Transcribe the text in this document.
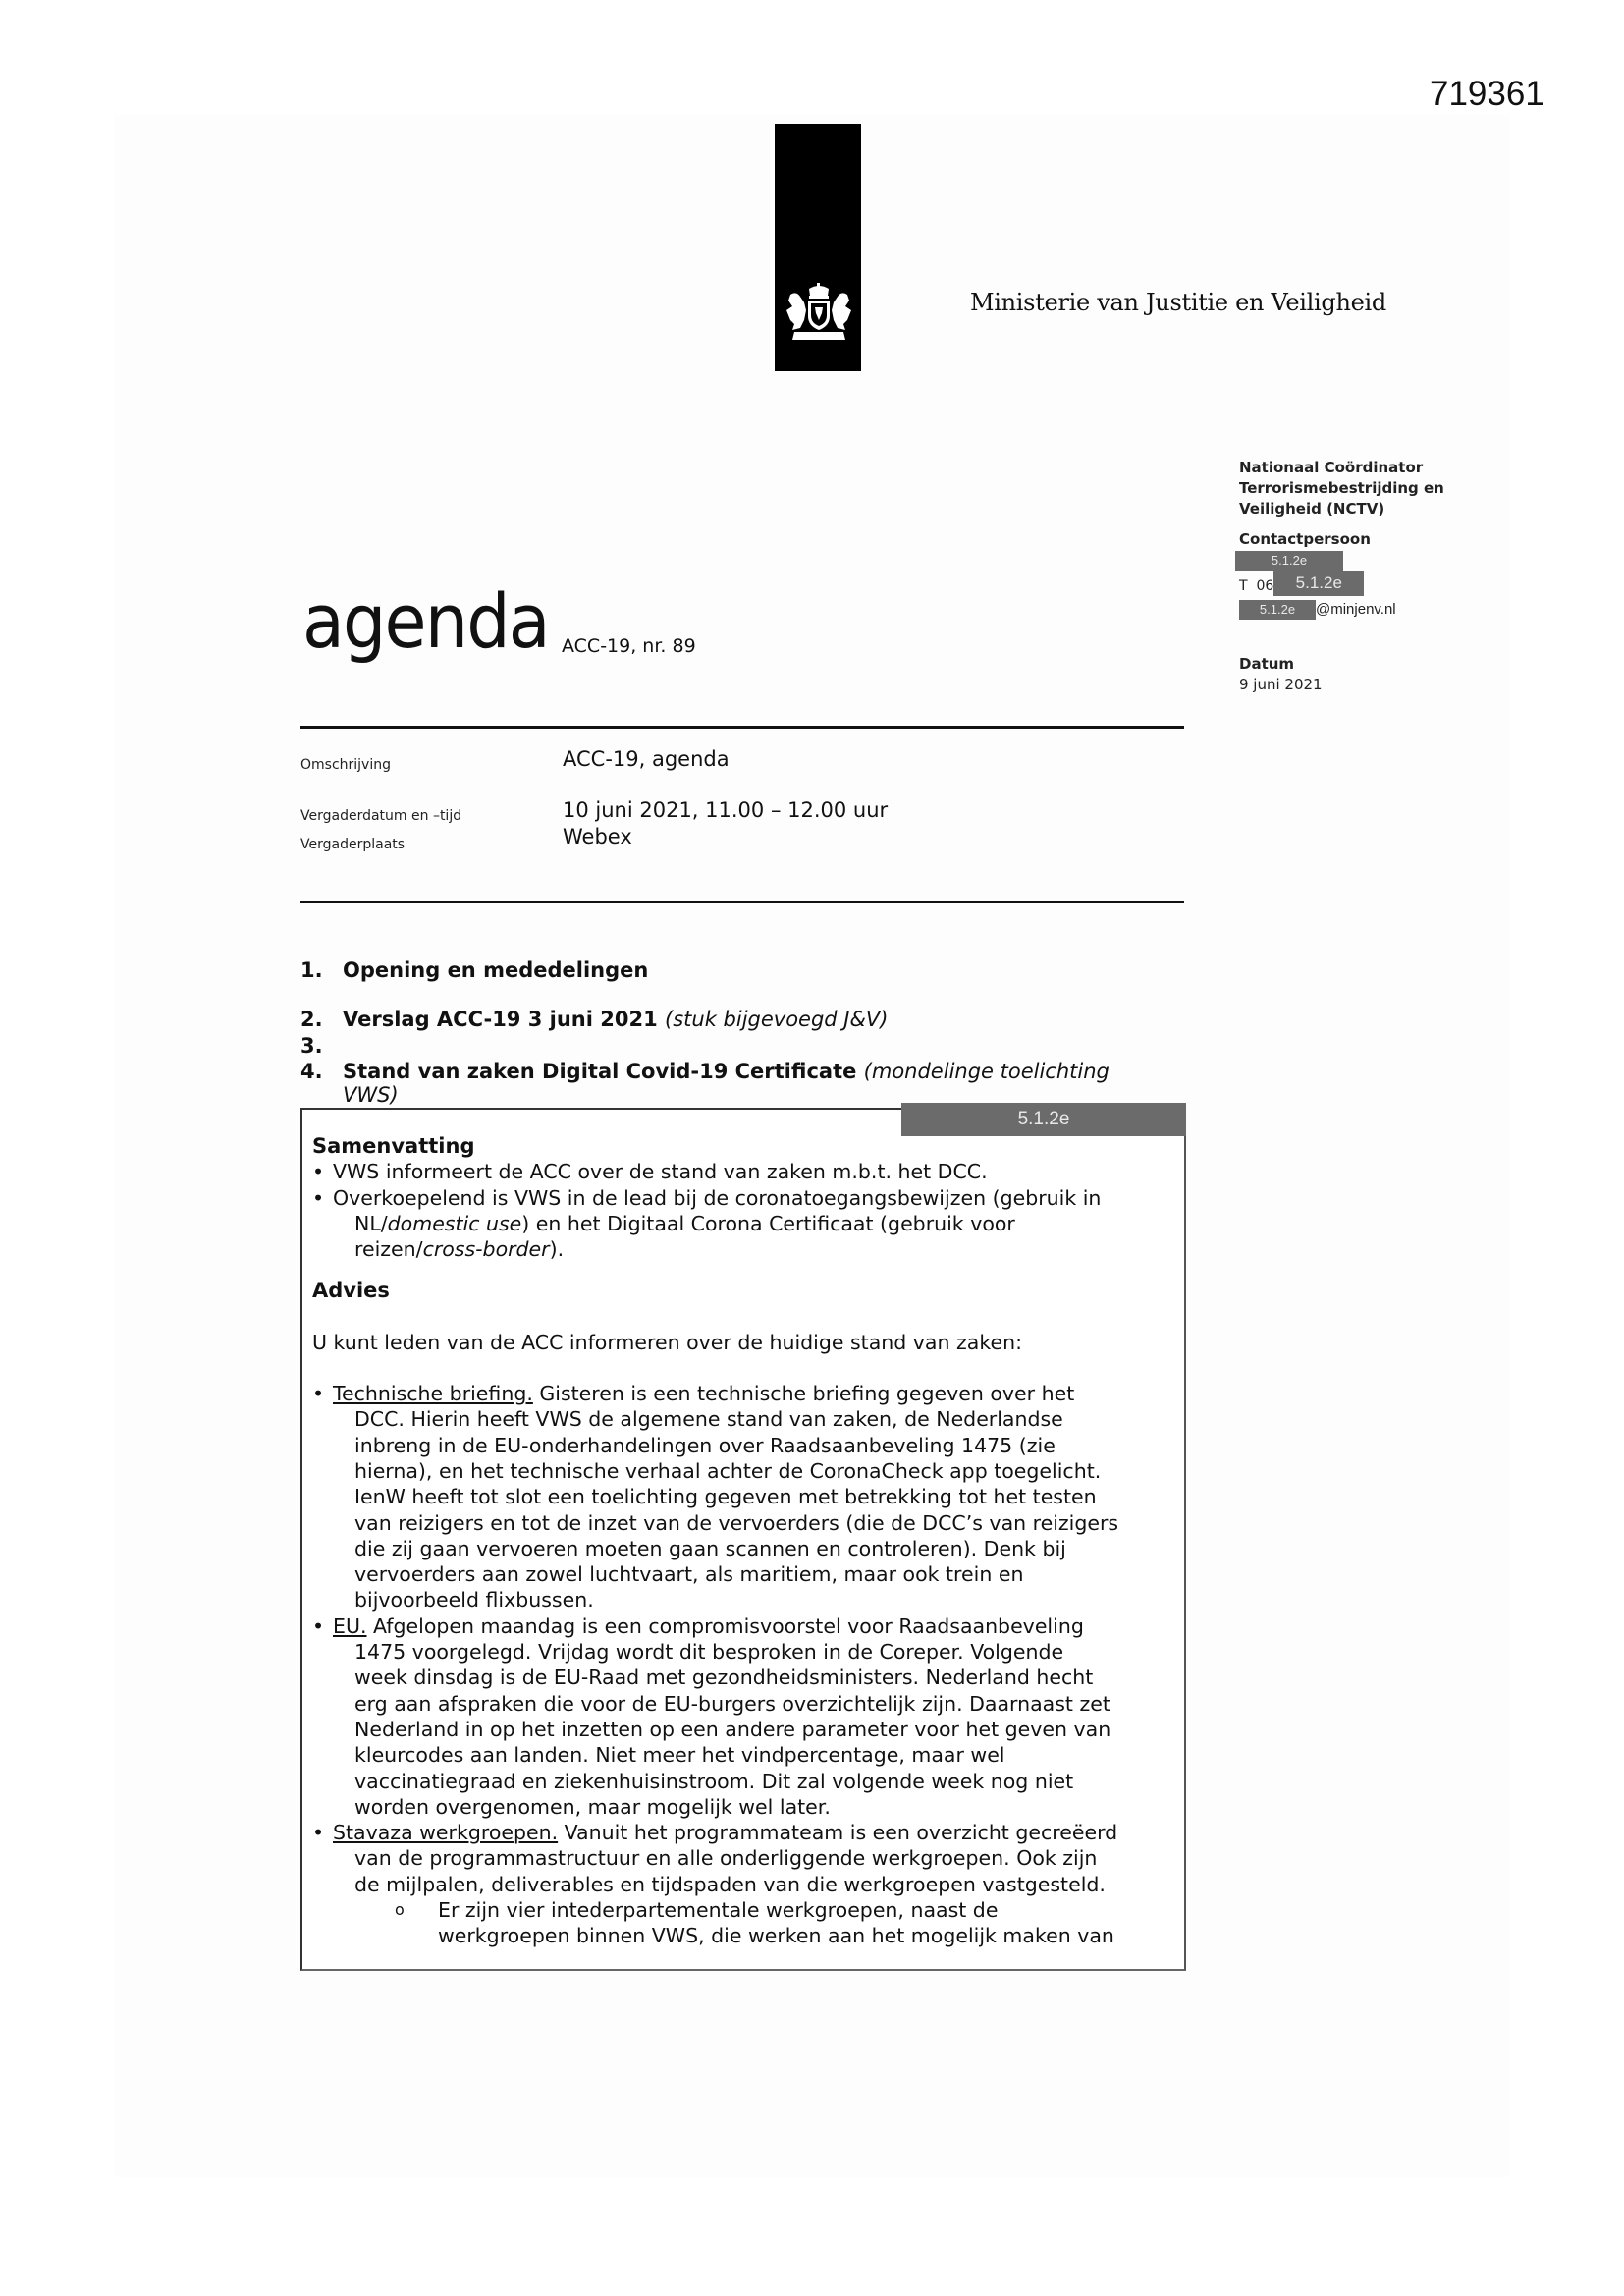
719361
Ministerie van Justitie en Veiligheid
Nationaal Coördinator
Terrorismebestrijding en
Veiligheid (NCTV)
Contactpersoon
5.1.2e
T  06 5.1.2e
5.1.2e @minjenv.nl
Datum
9 juni 2021
agenda ACC-19, nr. 89
Omschrijving	ACC-19, agenda
Vergaderdatum en –tijd	10 juni 2021, 11.00 – 12.00 uur
Vergaderplaats	Webex
1. Opening en mededelingen
2. Verslag ACC-19 3 juni 2021 (stuk bijgevoegd J&V)
3.
4. Stand van zaken Digital Covid-19 Certificate (mondelinge toelichting
VWS)
5.1.2e
Samenvatting
• VWS informeert de ACC over de stand van zaken m.b.t. het DCC.
• Overkoepelend is VWS in de lead bij de coronatoegangsbewijzen (gebruik in
NL/domestic use) en het Digitaal Corona Certificaat (gebruik voor
reizen/cross-border).
Advies

U kunt leden van de ACC informeren over de huidige stand van zaken:

• Technische briefing. Gisteren is een technische briefing gegeven over het
DCC. Hierin heeft VWS de algemene stand van zaken, de Nederlandse
inbreng in de EU-onderhandelingen over Raadsaanbeveling 1475 (zie
hierna), en het technische verhaal achter de CoronaCheck app toegelicht.
IenW heeft tot slot een toelichting gegeven met betrekking tot het testen
van reizigers en tot de inzet van de vervoerders (die de DCC’s van reizigers
die zij gaan vervoeren moeten gaan scannen en controleren). Denk bij
vervoerders aan zowel luchtvaart, als maritiem, maar ook trein en
bijvoorbeeld flixbussen.
• EU. Afgelopen maandag is een compromisvoorstel voor Raadsaanbeveling
1475 voorgelegd. Vrijdag wordt dit besproken in de Coreper. Volgende
week dinsdag is de EU-Raad met gezondheidsministers. Nederland hecht
erg aan afspraken die voor de EU-burgers overzichtelijk zijn. Daarnaast zet
Nederland in op het inzetten op een andere parameter voor het geven van
kleurcodes aan landen. Niet meer het vindpercentage, maar wel
vaccinatiegraad en ziekenhuisinstroom. Dit zal volgende week nog niet
worden overgenomen, maar mogelijk wel later.
• Stavaza werkgroepen. Vanuit het programmateam is een overzicht gecreëerd
van de programmastructuur en alle onderliggende werkgroepen. Ook zijn
de mijlpalen, deliverables en tijdspaden van die werkgroepen vastgesteld.
o Er zijn vier intederpartementale werkgroepen, naast de
werkgroepen binnen VWS, die werken aan het mogelijk maken van
